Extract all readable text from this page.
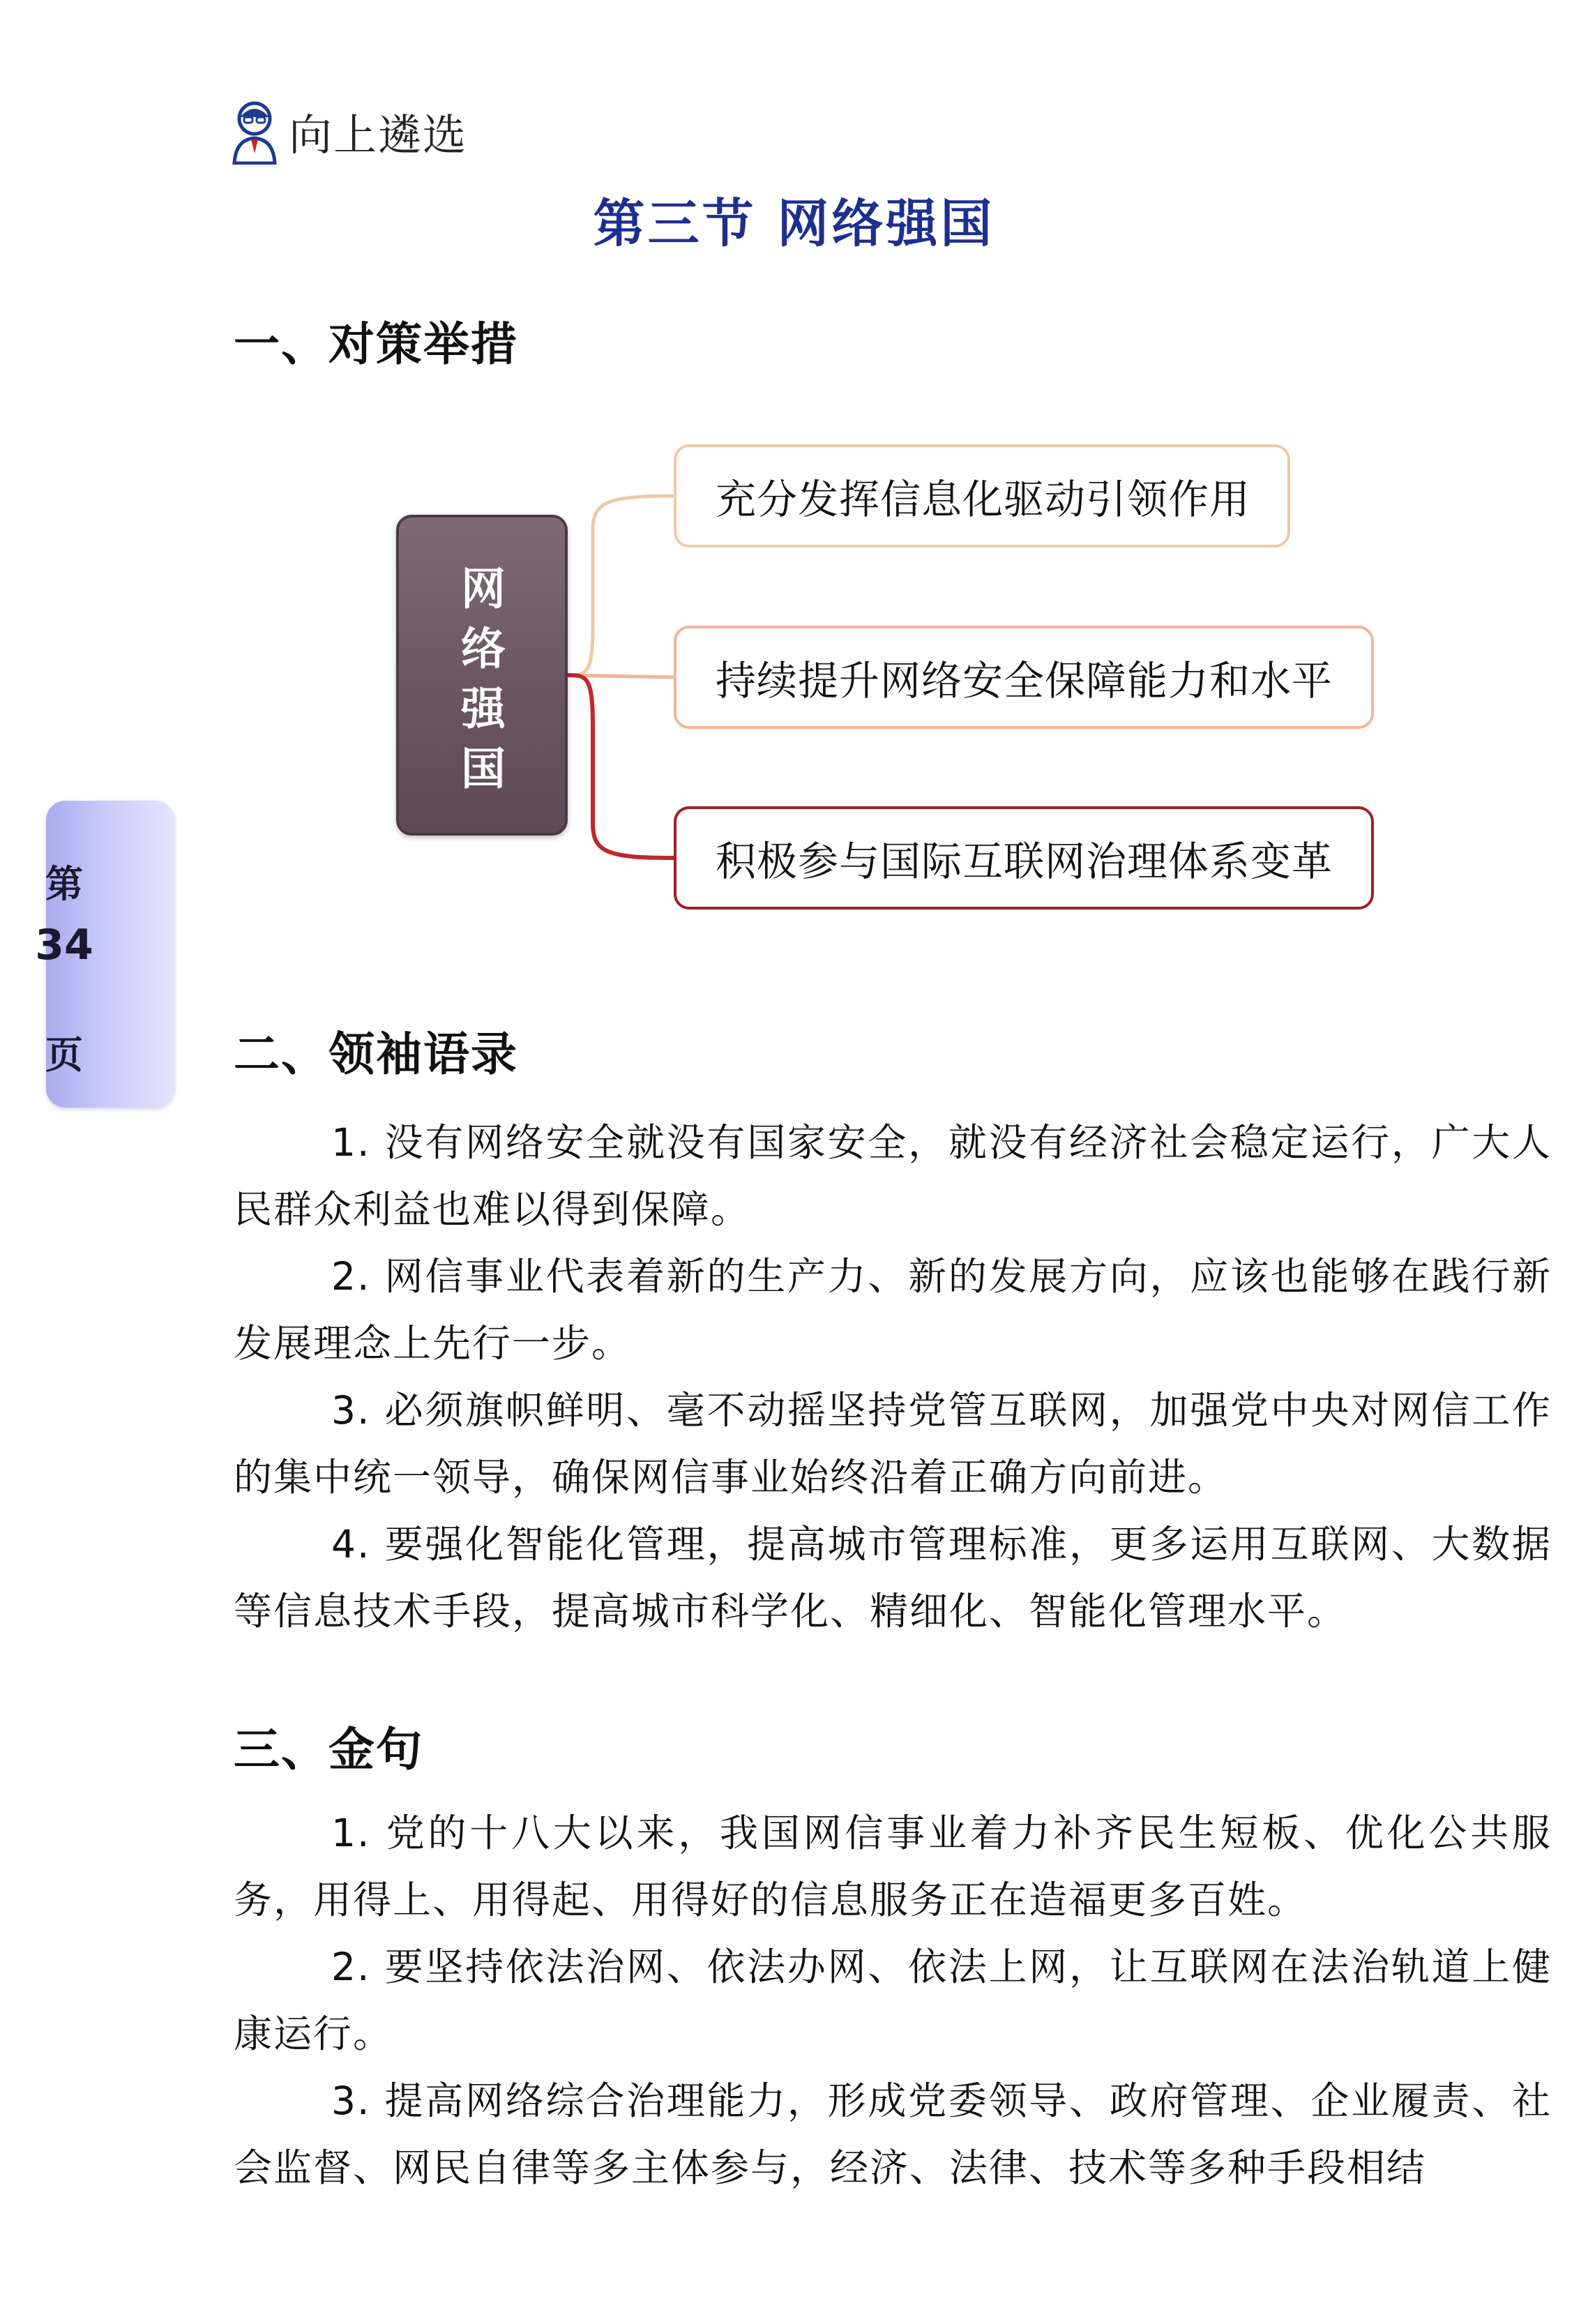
向上遴选
第三节 网络强国
一、对策举措
网络强国
充分发挥信息化驱动引领作用
持续提升网络安全保障能力和水平
积极参与国际互联网治理体系变革
第
34
页	二、领袖语录
1. 没有网络安全就没有国家安全，就没有经济社会稳定运行，广大人民群众利益也难以得到保障。
2. 网信事业代表着新的生产力、新的发展方向，应该也能够在践行新发展理念上先行一步。
3. 必须旗帜鲜明、毫不动摇坚持党管互联网，加强党中央对网信工作的集中统一领导，确保网信事业始终沿着正确方向前进。
4. 要强化智能化管理，提高城市管理标准，更多运用互联网、大数据等信息技术手段，提高城市科学化、精细化、智能化管理水平。
三、金句
1. 党的十八大以来，我国网信事业着力补齐民生短板、优化公共服务，用得上、用得起、用得好的信息服务正在造福更多百姓。
2. 要坚持依法治网、依法办网、依法上网，让互联网在法治轨道上健康运行。
3. 提高网络综合治理能力，形成党委领导、政府管理、企业履责、社会监督、网民自律等多主体参与，经济、法律、技术等多种手段相结
